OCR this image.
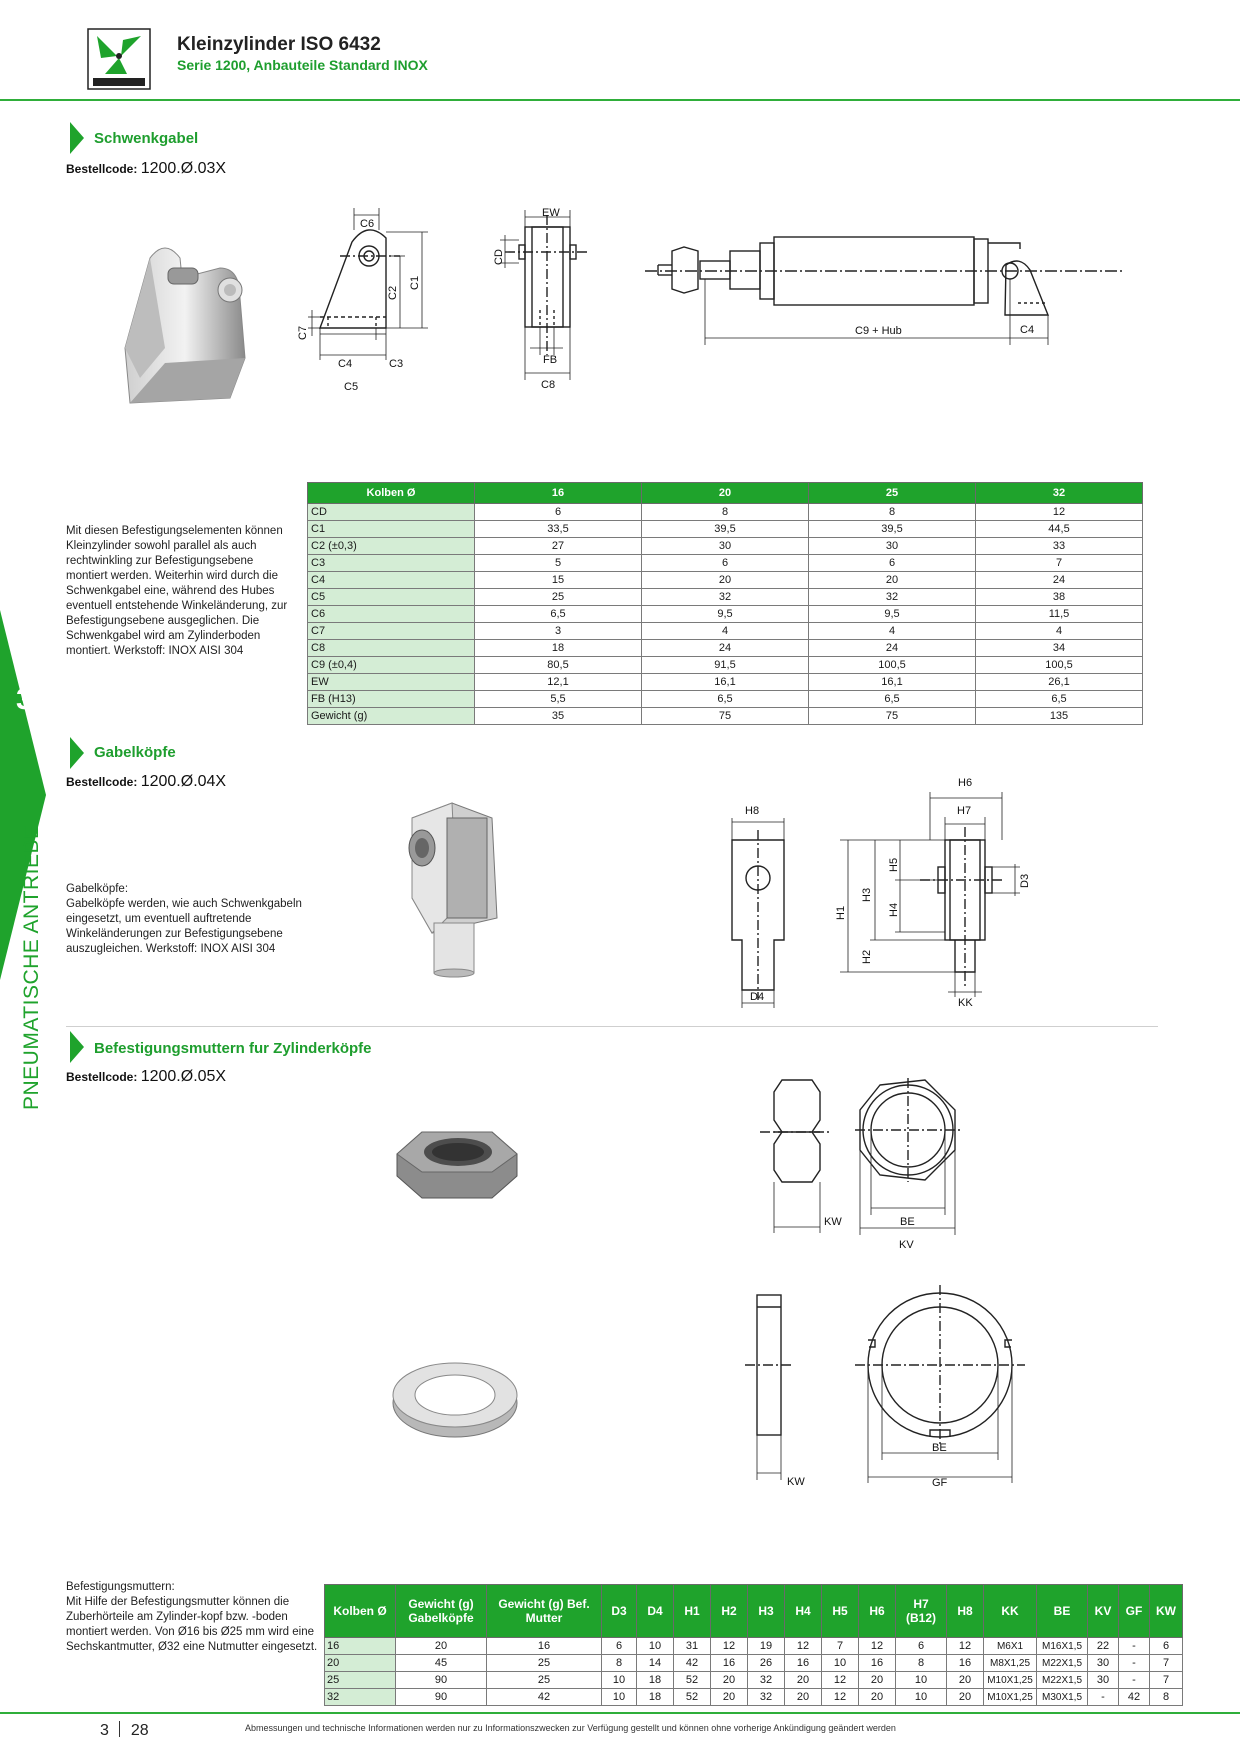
Kleinzylinder ISO 6432
Serie 1200, Anbauteile Standard INOX
3
PNEUMATISCHE ANTRIEBE
Schwenkgabel
Bestellcode: 1200.Ø.03X
C6
C2
C1
C7
C4	C3
C5
EW
CD
FB
C8
C9 + Hub	C4
Mit diesen Befestigungselementen können Kleinzylinder sowohl parallel als auch rechtwinkling zur Befestigungsebene montiert werden. Weiterhin wird durch die Schwenkgabel eine, während des Hubes eventuell entstehende Winkeländerung, zur Befestigungsebene ausgeglichen. Die Schwenkgabel wird am Zylinderboden montiert. Werkstoff: INOX AISI 304
Kolben Ø	16	20	25	32
CD	6	8	8	12
C1	33,5	39,5	39,5	44,5
C2 (±0,3)	27	30	30	33
C3	5	6	6	7
C4	15	20	20	24
C5	25	32	32	38
C6	6,5	9,5	9,5	11,5
C7	3	4	4	4
C8	18	24	24	34
C9 (±0,4)	80,5	91,5	100,5	100,5
EW	12,1	16,1	16,1	26,1
FB (H13)	5,5	6,5	6,5	6,5
Gewicht (g)	35	75	75	135
Gabelköpfe
Bestellcode: 1200.Ø.04X
Gabelköpfe:
Gabelköpfe werden, wie auch Schwenkgabeln eingesetzt, um eventuell auftretende Winkeländerungen zur Befestigungsebene auszugleichen. Werkstoff: INOX AISI 304
H8
D4
H6
H7
H5
H3
H4
H1
H2
D3
KK
Befestigungsmuttern fur Zylinderköpfe
Bestellcode: 1200.Ø.05X
KW	BE
KV
KW
BE
GF
Befestigungsmuttern:
Mit Hilfe der Befestigungsmutter können die Zuberhörteile am Zylinder-kopf bzw. -boden montiert werden. Von Ø16 bis Ø25 mm wird eine Sechskantmutter, Ø32 eine Nutmutter eingesetzt.
Kolben Ø	Gewicht (g) Gabelköpfe	Gewicht (g) Bef. Mutter	D3	D4	H1	H2	H3	H4	H5	H6	H7 (B12)	H8	KK	BE	KV	GF	KW
16	20	16	6	10	31	12	19	12	7	12	6	12	M6X1	M16X1,5	22	-	6
20	45	25	8	14	42	16	26	16	10	16	8	16	M8X1,25	M22X1,5	30	-	7
25	90	25	10	18	52	20	32	20	12	20	10	20	M10X1,25	M22X1,5	30	-	7
32	90	42	10	18	52	20	32	20	12	20	10	20	M10X1,25	M30X1,5	-	42	8
3 28	Abmessungen und technische Informationen werden nur zu Informationszwecken zur Verfügung gestellt und können ohne vorherige Ankündigung geändert werden
